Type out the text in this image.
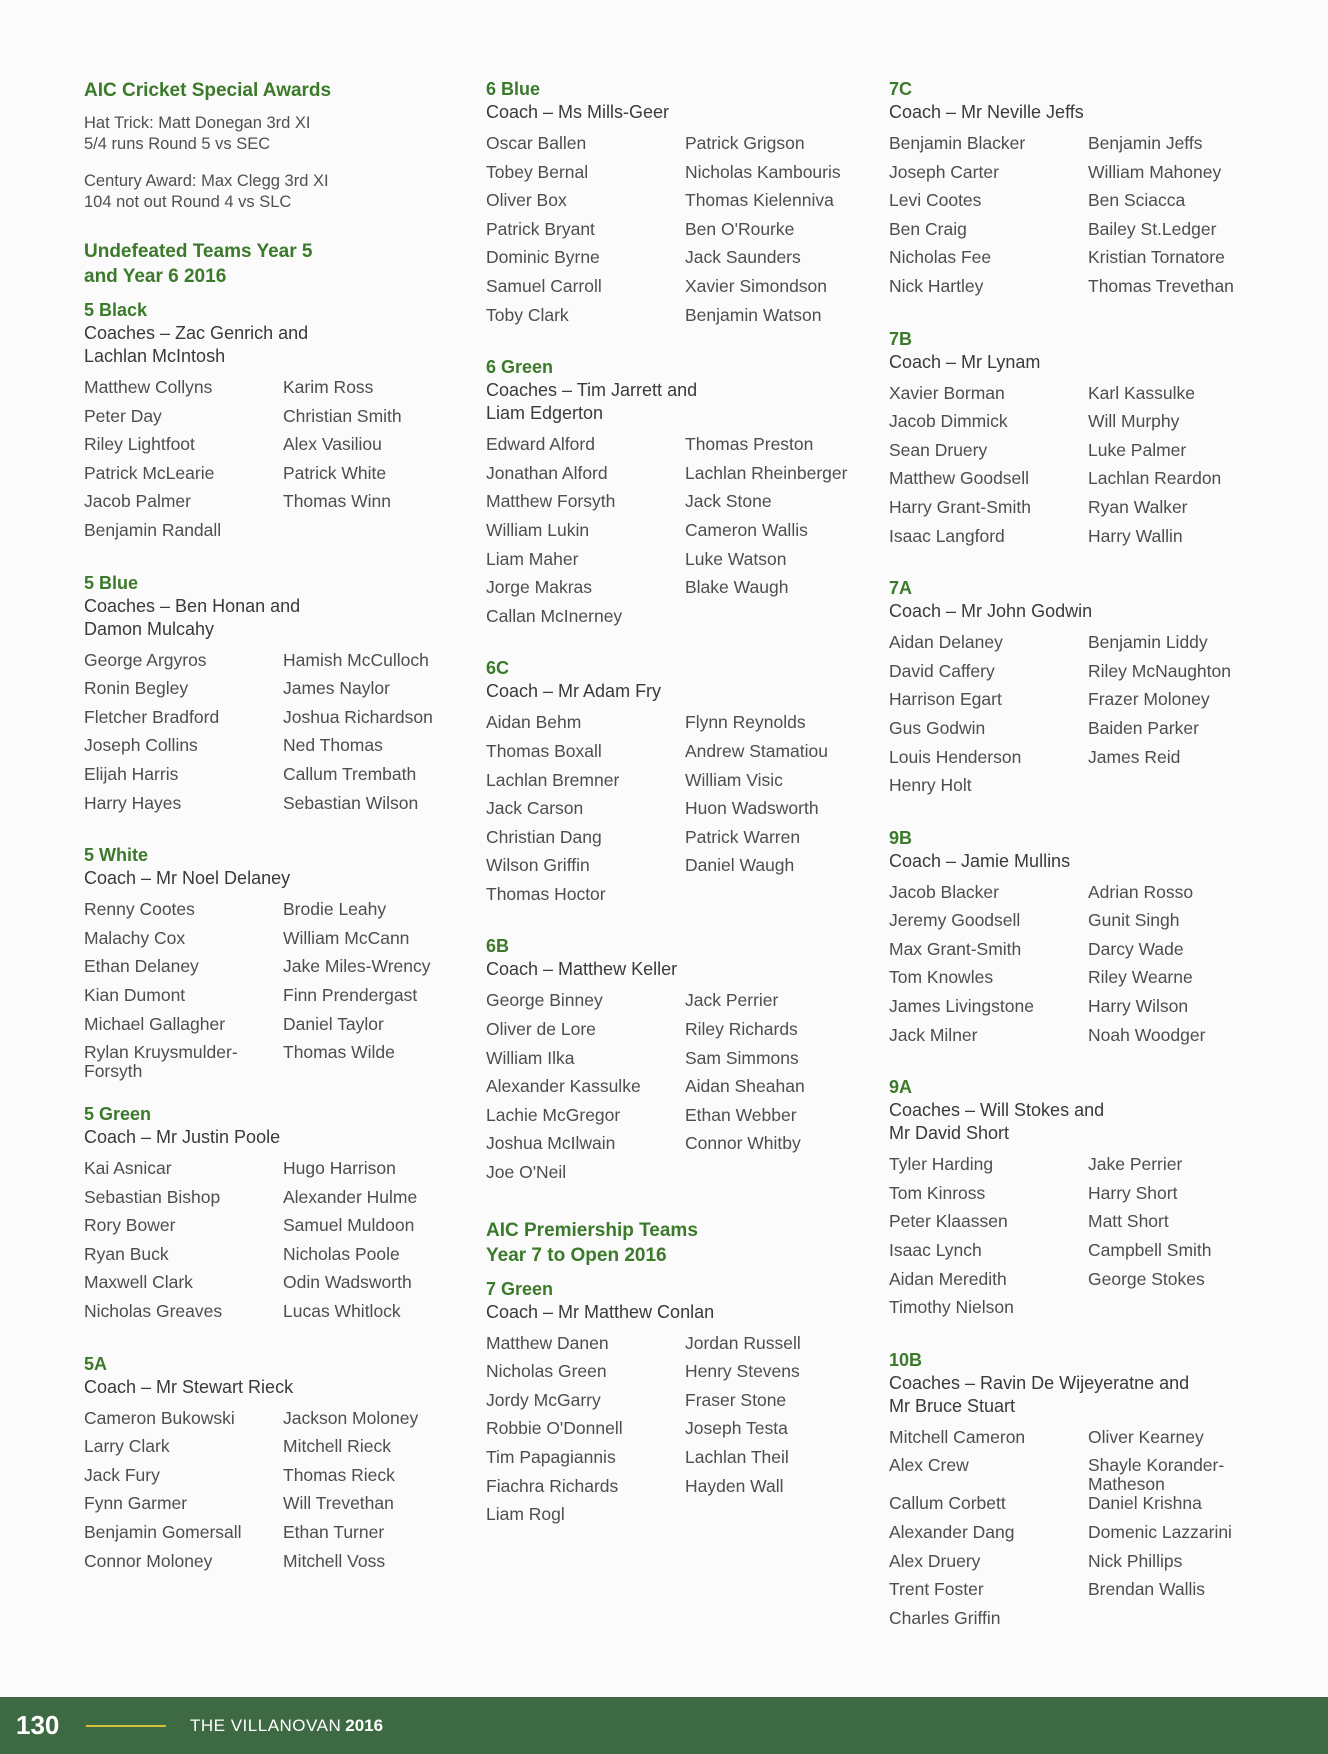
AIC Cricket Special Awards
Hat Trick: Matt Donegan 3rd XI
5/4 runs Round 5 vs SEC
Century Award: Max Clegg 3rd XI
104 not out Round 4 vs SLC
Undefeated Teams Year 5
and Year 6 2016
5 Black
Coaches – Zac Genrich and
Lachlan McIntosh
Matthew Collyns
Peter Day
Riley Lightfoot
Patrick McLearie
Jacob Palmer
Benjamin Randall
Karim Ross
Christian Smith
Alex Vasiliou
Patrick White
Thomas Winn
5 Blue
Coaches – Ben Honan and
Damon Mulcahy
George Argyros
Ronin Begley
Fletcher Bradford
Joseph Collins
Elijah Harris
Harry Hayes
Hamish McCulloch
James Naylor
Joshua Richardson
Ned Thomas
Callum Trembath
Sebastian Wilson
5 White
Coach – Mr Noel Delaney
Renny Cootes
Malachy Cox
Ethan Delaney
Kian Dumont
Michael Gallagher
Rylan Kruysmulder-Forsyth
Brodie Leahy
William McCann
Jake Miles-Wrency
Finn Prendergast
Daniel Taylor
Thomas Wilde
5 Green
Coach – Mr Justin Poole
Kai Asnicar
Sebastian Bishop
Rory Bower
Ryan Buck
Maxwell Clark
Nicholas Greaves
Hugo Harrison
Alexander Hulme
Samuel Muldoon
Nicholas Poole
Odin Wadsworth
Lucas Whitlock
5A
Coach – Mr Stewart Rieck
Cameron Bukowski
Larry Clark
Jack Fury
Fynn Garmer
Benjamin Gomersall
Connor Moloney
Jackson Moloney
Mitchell Rieck
Thomas Rieck
Will Trevethan
Ethan Turner
Mitchell Voss
6 Blue
Coach – Ms Mills-Geer
Oscar Ballen
Tobey Bernal
Oliver Box
Patrick Bryant
Dominic Byrne
Samuel Carroll
Toby Clark
Patrick Grigson
Nicholas Kambouris
Thomas Kielenniva
Ben O'Rourke
Jack Saunders
Xavier Simondson
Benjamin Watson
6 Green
Coaches – Tim Jarrett and
Liam Edgerton
Edward Alford
Jonathan Alford
Matthew Forsyth
William Lukin
Liam Maher
Jorge Makras
Callan McInerney
Thomas Preston
Lachlan Rheinberger
Jack Stone
Cameron Wallis
Luke Watson
Blake Waugh
6C
Coach – Mr Adam Fry
Aidan Behm
Thomas Boxall
Lachlan Bremner
Jack Carson
Christian Dang
Wilson Griffin
Thomas Hoctor
Flynn Reynolds
Andrew Stamatiou
William Visic
Huon Wadsworth
Patrick Warren
Daniel Waugh
6B
Coach – Matthew Keller
George Binney
Oliver de Lore
William Ilka
Alexander Kassulke
Lachie McGregor
Joshua McIlwain
Joe O'Neil
Jack Perrier
Riley Richards
Sam Simmons
Aidan Sheahan
Ethan Webber
Connor Whitby
AIC Premiership Teams
Year 7 to Open 2016
7 Green
Coach – Mr Matthew Conlan
Matthew Danen
Nicholas Green
Jordy McGarry
Robbie O'Donnell
Tim Papagiannis
Fiachra Richards
Liam Rogl
Jordan Russell
Henry Stevens
Fraser Stone
Joseph Testa
Lachlan Theil
Hayden Wall
7C
Coach – Mr Neville Jeffs
Benjamin Blacker
Joseph Carter
Levi Cootes
Ben Craig
Nicholas Fee
Nick Hartley
Benjamin Jeffs
William Mahoney
Ben Sciacca
Bailey St.Ledger
Kristian Tornatore
Thomas Trevethan
7B
Coach – Mr Lynam
Xavier Borman
Jacob Dimmick
Sean Druery
Matthew Goodsell
Harry Grant-Smith
Isaac Langford
Karl Kassulke
Will Murphy
Luke Palmer
Lachlan Reardon
Ryan Walker
Harry Wallin
7A
Coach – Mr John Godwin
Aidan Delaney
David Caffery
Harrison Egart
Gus Godwin
Louis Henderson
Henry Holt
Benjamin Liddy
Riley McNaughton
Frazer Moloney
Baiden Parker
James Reid
9B
Coach – Jamie Mullins
Jacob Blacker
Jeremy Goodsell
Max Grant-Smith
Tom Knowles
James Livingstone
Jack Milner
Adrian Rosso
Gunit Singh
Darcy Wade
Riley Wearne
Harry Wilson
Noah Woodger
9A
Coaches – Will Stokes and
Mr David Short
Tyler Harding
Tom Kinross
Peter Klaassen
Isaac Lynch
Aidan Meredith
Timothy Nielson
Jake Perrier
Harry Short
Matt Short
Campbell Smith
George Stokes
10B
Coaches – Ravin De Wijeyeratne and
Mr Bruce Stuart
Mitchell Cameron
Alex Crew
Callum Corbett
Alexander Dang
Alex Druery
Trent Foster
Charles Griffin
Oliver Kearney
Shayle Korander-Matheson
Daniel Krishna
Domenic Lazzarini
Nick Phillips
Brendan Wallis
130	THE VILLANOVAN 2016
